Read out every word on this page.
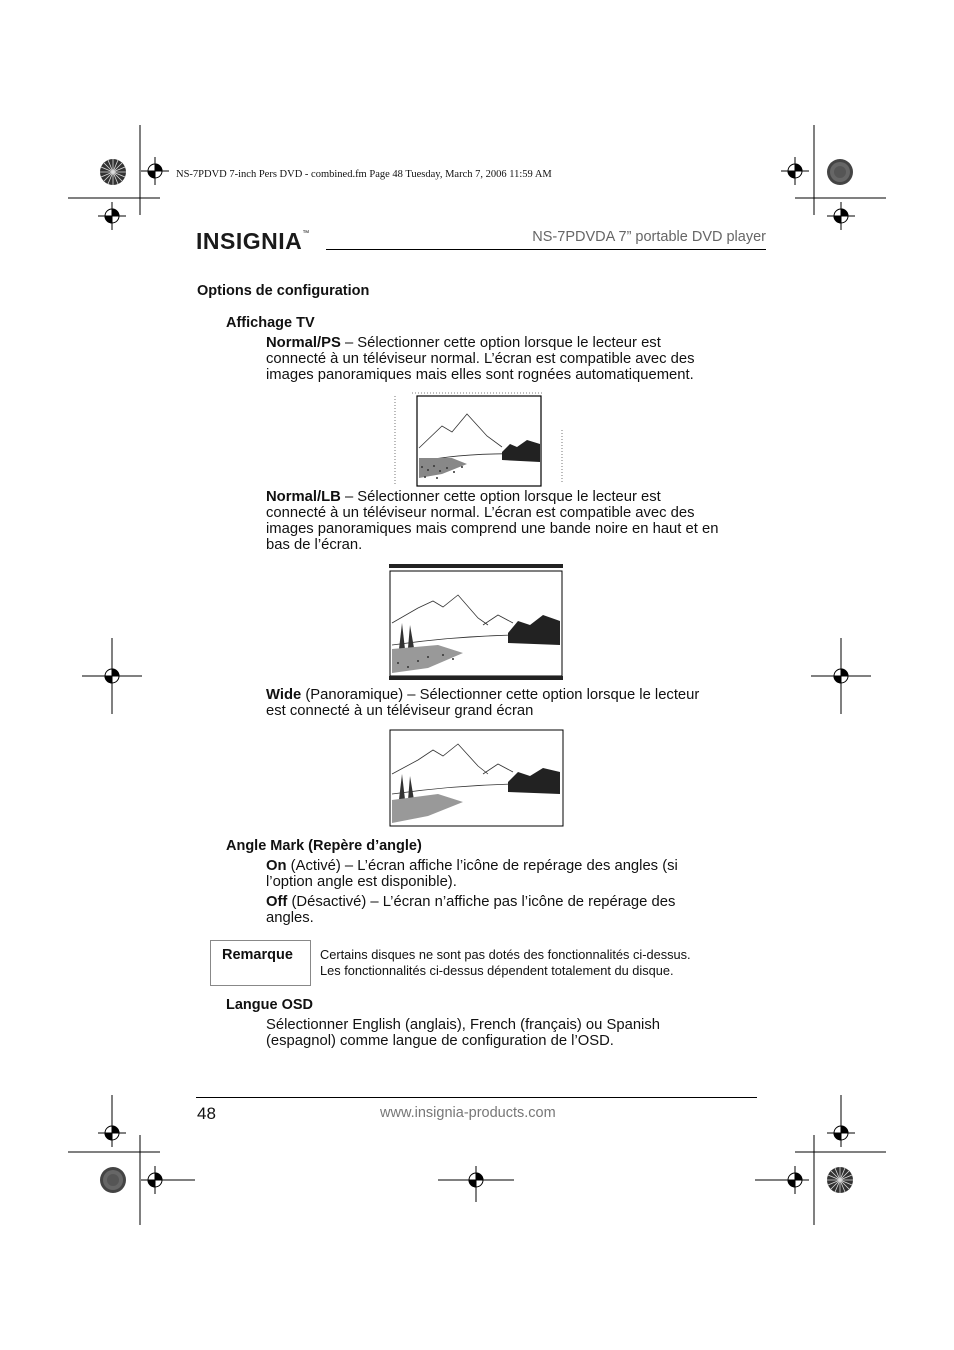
NS-7PDVD 7-inch Pers DVD - combined.fm Page 48 Tuesday, March 7, 2006 11:59 AM
INSIGNIA™	NS-7PDVDA 7” portable DVD player
Options de configuration
Affichage TV
Normal/PS – Sélectionner cette option lorsque le lecteur est
connecté à un téléviseur normal. L’écran est compatible avec des
images panoramiques mais elles sont rognées automatiquement.
Normal/LB – Sélectionner cette option lorsque le lecteur est
connecté à un téléviseur normal. L’écran est compatible avec des
images panoramiques mais comprend une bande noire en haut et en
bas de l’écran.
Wide (Panoramique) – Sélectionner cette option lorsque le lecteur
est connecté à un téléviseur grand écran
Angle Mark (Repère d’angle)
On (Activé) – L’écran affiche l’icône de repérage des angles (si
l’option angle est disponible).
Off (Désactivé) – L’écran n’affiche pas l’icône de repérage des
angles.
Remarque Certains disques ne sont pas dotés des fonctionnalités ci-dessus.
Les fonctionnalités ci-dessus dépendent totalement du disque.
Langue OSD
Sélectionner English (anglais), French (français) ou Spanish
(espagnol) comme langue de configuration de l’OSD.
48	www.insignia-products.com
